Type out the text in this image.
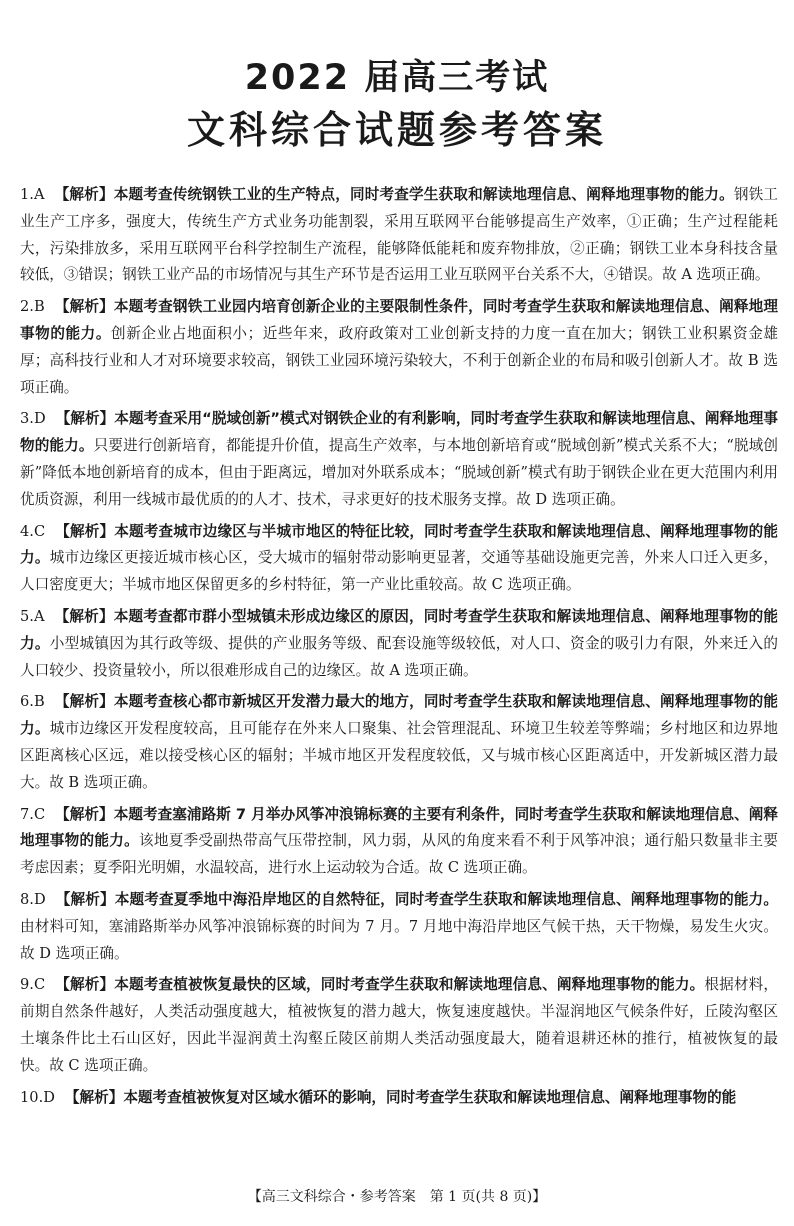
2022 届高三考试
文科综合试题参考答案
1.A 【解析】本题考查传统钢铁工业的生产特点，同时考查学生获取和解读地理信息、阐释地理事物的能力。钢铁工业生产工序多，强度大，传统生产方式业务功能割裂，采用互联网平台能够提高生产效率，①正确；生产过程能耗大，污染排放多，采用互联网平台科学控制生产流程，能够降低能耗和废弃物排放，②正确；钢铁工业本身科技含量较低，③错误；钢铁工业产品的市场情况与其生产环节是否运用工业互联网平台关系不大，④错误。故 A 选项正确。
2.B 【解析】本题考查钢铁工业园内培育创新企业的主要限制性条件，同时考查学生获取和解读地理信息、阐释地理事物的能力。创新企业占地面积小；近些年来，政府政策对工业创新支持的力度一直在加大；钢铁工业积累资金雄厚；高科技行业和人才对环境要求较高，钢铁工业园环境污染较大，不利于创新企业的布局和吸引创新人才。故 B 选项正确。
3.D 【解析】本题考查采用“脱域创新”模式对钢铁企业的有利影响，同时考查学生获取和解读地理信息、阐释地理事物的能力。只要进行创新培育，都能提升价值，提高生产效率，与本地创新培育或“脱域创新”模式关系不大；“脱域创新”降低本地创新培育的成本，但由于距离远，增加对外联系成本；“脱域创新”模式有助于钢铁企业在更大范围内利用优质资源，利用一线城市最优质的的人才、技术，寻求更好的技术服务支撑。故 D 选项正确。
4.C 【解析】本题考查城市边缘区与半城市地区的特征比较，同时考查学生获取和解读地理信息、阐释地理事物的能力。城市边缘区更接近城市核心区，受大城市的辐射带动影响更显著，交通等基础设施更完善，外来人口迁入更多，人口密度更大；半城市地区保留更多的乡村特征，第一产业比重较高。故 C 选项正确。
5.A 【解析】本题考查都市群小型城镇未形成边缘区的原因，同时考查学生获取和解读地理信息、阐释地理事物的能力。小型城镇因为其行政等级、提供的产业服务等级、配套设施等级较低，对人口、资金的吸引力有限，外来迁入的人口较少、投资量较小，所以很难形成自己的边缘区。故 A 选项正确。
6.B 【解析】本题考查核心都市新城区开发潜力最大的地方，同时考查学生获取和解读地理信息、阐释地理事物的能力。城市边缘区开发程度较高，且可能存在外来人口聚集、社会管理混乱、环境卫生较差等弊端；乡村地区和边界地区距离核心区远，难以接受核心区的辐射；半城市地区开发程度较低，又与城市核心区距离适中，开发新城区潜力最大。故 B 选项正确。
7.C 【解析】本题考查塞浦路斯 7 月举办风筝冲浪锦标赛的主要有利条件，同时考查学生获取和解读地理信息、阐释地理事物的能力。该地夏季受副热带高气压带控制，风力弱，从风的角度来看不利于风筝冲浪；通行船只数量非主要考虑因素；夏季阳光明媚，水温较高，进行水上运动较为合适。故 C 选项正确。
8.D 【解析】本题考查夏季地中海沿岸地区的自然特征，同时考查学生获取和解读地理信息、阐释地理事物的能力。由材料可知，塞浦路斯举办风筝冲浪锦标赛的时间为 7 月。7 月地中海沿岸地区气候干热，天干物燥，易发生火灾。故 D 选项正确。
9.C 【解析】本题考查植被恢复最快的区域，同时考查学生获取和解读地理信息、阐释地理事物的能力。根据材料，前期自然条件越好，人类活动强度越大，植被恢复的潜力越大，恢复速度越快。半湿润地区气候条件好，丘陵沟壑区土壤条件比土石山区好，因此半湿润黄土沟壑丘陵区前期人类活动强度最大，随着退耕还林的推行，植被恢复的最快。故 C 选项正确。
10.D 【解析】本题考查植被恢复对区域水循环的影响，同时考查学生获取和解读地理信息、阐释地理事物的能
【高三文科综合・参考答案　第 1 页(共 8 页)】
